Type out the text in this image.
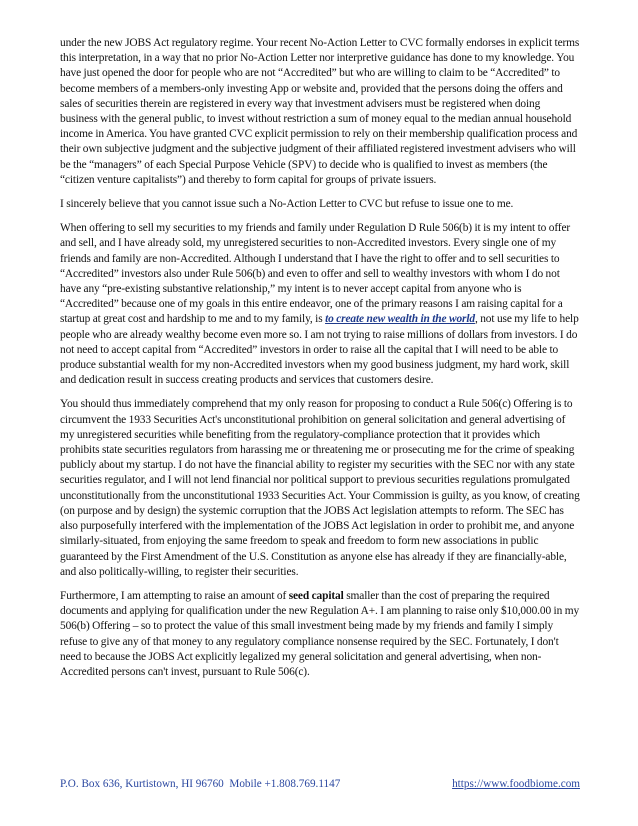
under the new JOBS Act regulatory regime. Your recent No-Action Letter to CVC formally endorses in explicit terms this interpretation, in a way that no prior No-Action Letter nor interpretive guidance has done to my knowledge. You have just opened the door for people who are not “Accredited” but who are willing to claim to be “Accredited” to become members of a members-only investing App or website and, provided that the persons doing the offers and sales of securities therein are registered in every way that investment advisers must be registered when doing business with the general public, to invest without restriction a sum of money equal to the median annual household income in America. You have granted CVC explicit permission to rely on their membership qualification process and their own subjective judgment and the subjective judgment of their affiliated registered investment advisers who will be the “managers” of each Special Purpose Vehicle (SPV) to decide who is qualified to invest as members (the “citizen venture capitalists”) and thereby to form capital for groups of private issuers.

I sincerely believe that you cannot issue such a No-Action Letter to CVC but refuse to issue one to me.

When offering to sell my securities to my friends and family under Regulation D Rule 506(b) it is my intent to offer and sell, and I have already sold, my unregistered securities to non-Accredited investors. Every single one of my friends and family are non-Accredited. Although I understand that I have the right to offer and to sell securities to “Accredited” investors also under Rule 506(b) and even to offer and sell to wealthy investors with whom I do not have any “pre-existing substantive relationship,” my intent is to never accept capital from anyone who is “Accredited” because one of my goals in this entire endeavor, one of the primary reasons I am raising capital for a startup at great cost and hardship to me and to my family, is to create new wealth in the world, not use my life to help people who are already wealthy become even more so. I am not trying to raise millions of dollars from investors. I do not need to accept capital from “Accredited” investors in order to raise all the capital that I will need to be able to produce substantial wealth for my non-Accredited investors when my good business judgment, my hard work, skill and dedication result in success creating products and services that customers desire.

You should thus immediately comprehend that my only reason for proposing to conduct a Rule 506(c) Offering is to circumvent the 1933 Securities Act's unconstitutional prohibition on general solicitation and general advertising of my unregistered securities while benefiting from the regulatory-compliance protection that it provides which prohibits state securities regulators from harassing me or threatening me or prosecuting me for the crime of speaking publicly about my startup. I do not have the financial ability to register my securities with the SEC nor with any state securities regulator, and I will not lend financial nor political support to previous securities regulations promulgated unconstitutionally from the unconstitutional 1933 Securities Act. Your Commission is guilty, as you know, of creating (on purpose and by design) the systemic corruption that the JOBS Act legislation attempts to reform. The SEC has also purposefully interfered with the implementation of the JOBS Act legislation in order to prohibit me, and anyone similarly-situated, from enjoying the same freedom to speak and freedom to form new associations in public guaranteed by the First Amendment of the U.S. Constitution as anyone else has already if they are financially-able, and also politically-willing, to register their securities.

Furthermore, I am attempting to raise an amount of seed capital smaller than the cost of preparing the required documents and applying for qualification under the new Regulation A+. I am planning to raise only $10,000.00 in my 506(b) Offering – so to protect the value of this small investment being made by my friends and family I simply refuse to give any of that money to any regulatory compliance nonsense required by the SEC. Fortunately, I don't need to because the JOBS Act explicitly legalized my general solicitation and general advertising, when non-Accredited persons can't invest, pursuant to Rule 506(c).

P.O. Box 636, Kurtistown, HI 96760  Mobile +1.808.769.1147	https://www.foodbiome.com
